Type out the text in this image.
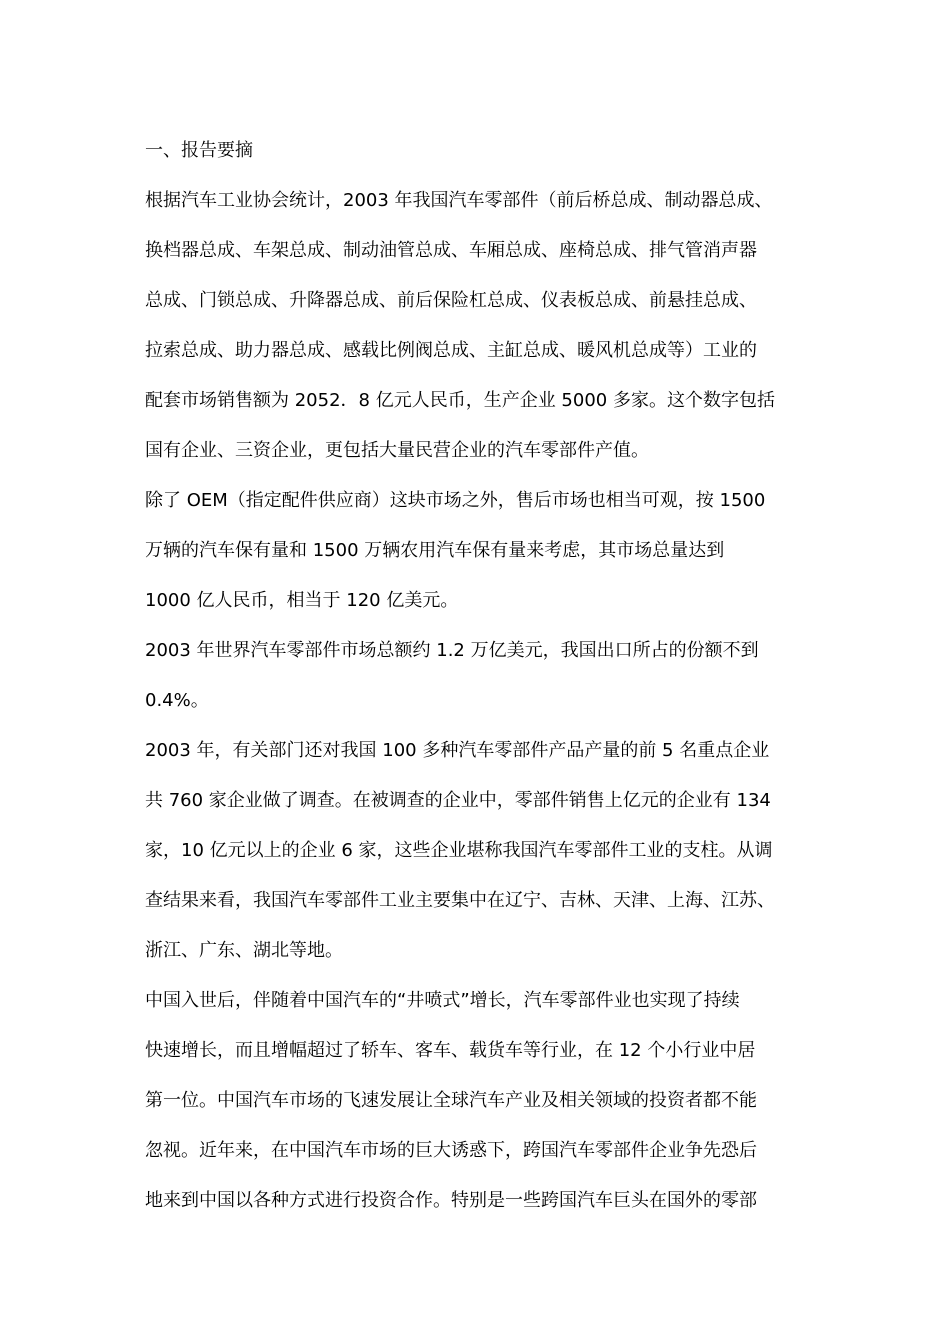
一、报告要摘
根据汽车工业协会统计，2003 年我国汽车零部件（前后桥总成、制动器总成、
换档器总成、车架总成、制动油管总成、车厢总成、座椅总成、排气管消声器
总成、门锁总成、升降器总成、前后保险杠总成、仪表板总成、前悬挂总成、
拉索总成、助力器总成、感载比例阀总成、主缸总成、暖风机总成等）工业的
配套市场销售额为 2052．8 亿元人民币，生产企业 5000 多家。这个数字包括
国有企业、三资企业，更包括大量民营企业的汽车零部件产值。
除了 OEM（指定配件供应商）这块市场之外，售后市场也相当可观，按 1500
万辆的汽车保有量和 1500 万辆农用汽车保有量来考虑，其市场总量达到
1000 亿人民币，相当于 120 亿美元。
2003 年世界汽车零部件市场总额约 1.2 万亿美元，我国出口所占的份额不到
0.4%。
2003 年，有关部门还对我国 100 多种汽车零部件产品产量的前 5 名重点企业
共 760 家企业做了调查。在被调查的企业中，零部件销售上亿元的企业有 134
家，10 亿元以上的企业 6 家，这些企业堪称我国汽车零部件工业的支柱。从调
查结果来看，我国汽车零部件工业主要集中在辽宁、吉林、天津、上海、江苏、
浙江、广东、湖北等地。
中国入世后，伴随着中国汽车的“井喷式”增长，汽车零部件业也实现了持续
快速增长，而且增幅超过了轿车、客车、载货车等行业，在 12 个小行业中居
第一位。中国汽车市场的飞速发展让全球汽车产业及相关领域的投资者都不能
忽视。近年来，在中国汽车市场的巨大诱惑下，跨国汽车零部件企业争先恐后
地来到中国以各种方式进行投资合作。特别是一些跨国汽车巨头在国外的零部
